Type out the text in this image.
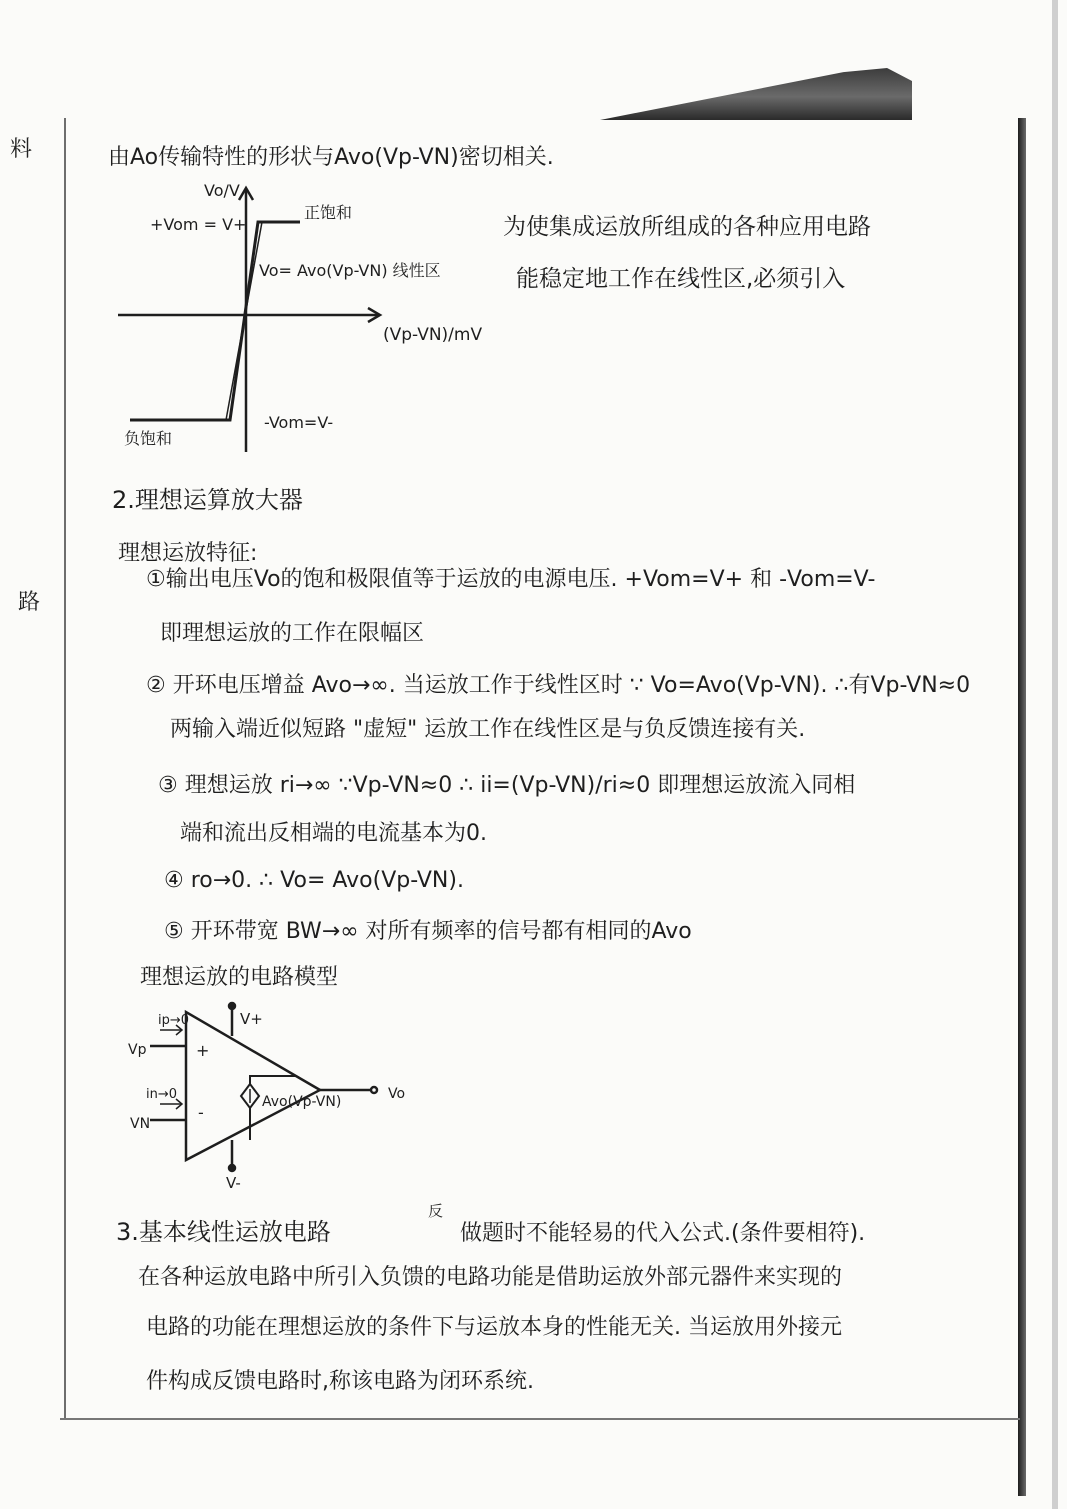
料
路
由Ao传输特性的形状与Avo(Vp-VN)密切相关.
为使集成运放所组成的各种应用电路
能稳定地工作在线性区,必须引入
Vo/V
(Vp-VN)/mV
+Vom = V+
正饱和
Vo= Avo(Vp-VN) 线性区
-Vom=V-
负饱和
2.理想运算放大器
理想运放特征:
①输出电压Vo的饱和极限值等于运放的电源电压. +Vom=V+ 和 -Vom=V-
即理想运放的工作在限幅区
② 开环电压增益 Avo→∞. 当运放工作于线性区时 ∵ Vo=Avo(Vp-VN). ∴有Vp-VN≈0
两输入端近似短路 "虚短" 运放工作在线性区是与负反馈连接有关.
③ 理想运放 ri→∞ ∵Vp-VN≈0 ∴ ii=(Vp-VN)/ri≈0 即理想运放流入同相
端和流出反相端的电流基本为0.
④ ro→0. ∴ Vo= Avo(Vp-VN).
⑤ 开环带宽 BW→∞ 对所有频率的信号都有相同的Avo
理想运放的电路模型
V+
V-
ip→0
in→0
Vp
VN
+
-
Avo(Vp-VN)	Vo
3.基本线性运放电路
反
做题时不能轻易的代入公式.(条件要相符).
在各种运放电路中所引入负馈的电路功能是借助运放外部元器件来实现的
电路的功能在理想运放的条件下与运放本身的性能无关. 当运放用外接元
件构成反馈电路时,称该电路为闭环系统.
